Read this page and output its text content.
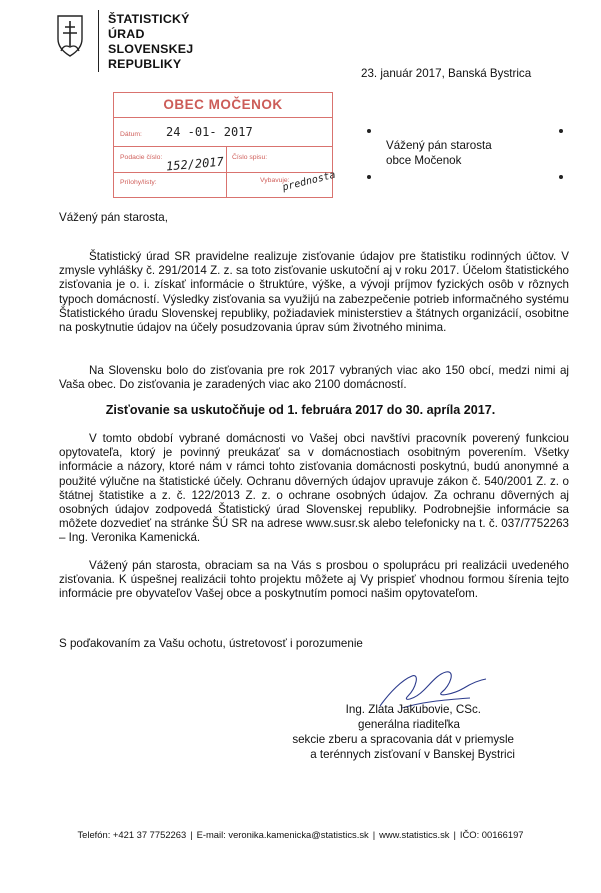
ŠTATISTICKÝ
ÚRAD
SLOVENSKEJ
REPUBLIKY
23. január 2017, Banská Bystrica
OBEC MOČENOK
Dátum: 24 -01- 2017
Podacie číslo: 152/2017 Číslo spisu:
Prílohy/listy:	Vybavuje:
prednosta
Vážený pán starosta
obce Močenok
Vážený pán starosta,
Štatistický úrad SR pravidelne realizuje zisťovanie údajov pre štatistiku rodinných účtov. V zmysle vyhlášky č. 291/2014 Z. z. sa toto zisťovanie uskutoční aj v roku 2017. Účelom štatistického zisťovania je o. i. získať informácie o štruktúre, výške, a vývoji príjmov fyzických osôb v rôznych typoch domácností. Výsledky zisťovania sa využijú na zabezpečenie potrieb informačného systému Štatistického úradu Slovenskej republiky, požiadaviek ministerstiev a štátnych organizácií, osobitne na poskytnutie údajov na účely posudzovania úprav súm životného minima.
Na Slovensku bolo do zisťovania pre rok 2017 vybraných viac ako 150 obcí, medzi nimi aj Vaša obec. Do zisťovania je zaradených viac ako 2100 domácností.
Zisťovanie sa uskutočňuje od 1. februára 2017 do 30. apríla 2017.
V tomto období vybrané domácnosti vo Vašej obci navštívi pracovník poverený funkciou opytovateľa, ktorý je povinný preukázať sa v domácnostiach osobitným poverením. Všetky informácie a názory, ktoré nám v rámci tohto zisťovania domácnosti poskytnú, budú anonymné a použité výlučne na štatistické účely. Ochranu dôverných údajov upravuje zákon č. 540/2001 Z. z. o štátnej štatistike a z. č. 122/2013 Z. z. o ochrane osobných údajov. Za ochranu dôverných aj osobných údajov zodpovedá Štatistický úrad Slovenskej republiky. Podrobnejšie informácie sa môžete dozvedieť na stránke ŠÚ SR na adrese www.susr.sk alebo telefonicky na t. č. 037/7752263 – Ing. Veronika Kamenická.
Vážený pán starosta, obraciam sa na Vás s prosbou o spoluprácu pri realizácii uvedeného zisťovania. K úspešnej realizácii tohto projektu môžete aj Vy prispieť vhodnou formou šírenia tejto informácie pre obyvateľov Vašej obce a poskytnutím pomoci našim opytovateľom.
S poďakovaním za Vašu ochotu, ústretovosť i porozumenie
Ing. Zlata Jakubovie, CSc.
generálna riaditeľka
sekcie zberu a spracovania dát v priemysle
a terénnych zisťovaní v Banskej Bystrici
Telefón: +421 37 7752263 | E-mail: veronika.kamenicka@statistics.sk | www.statistics.sk | IČO: 00166197
